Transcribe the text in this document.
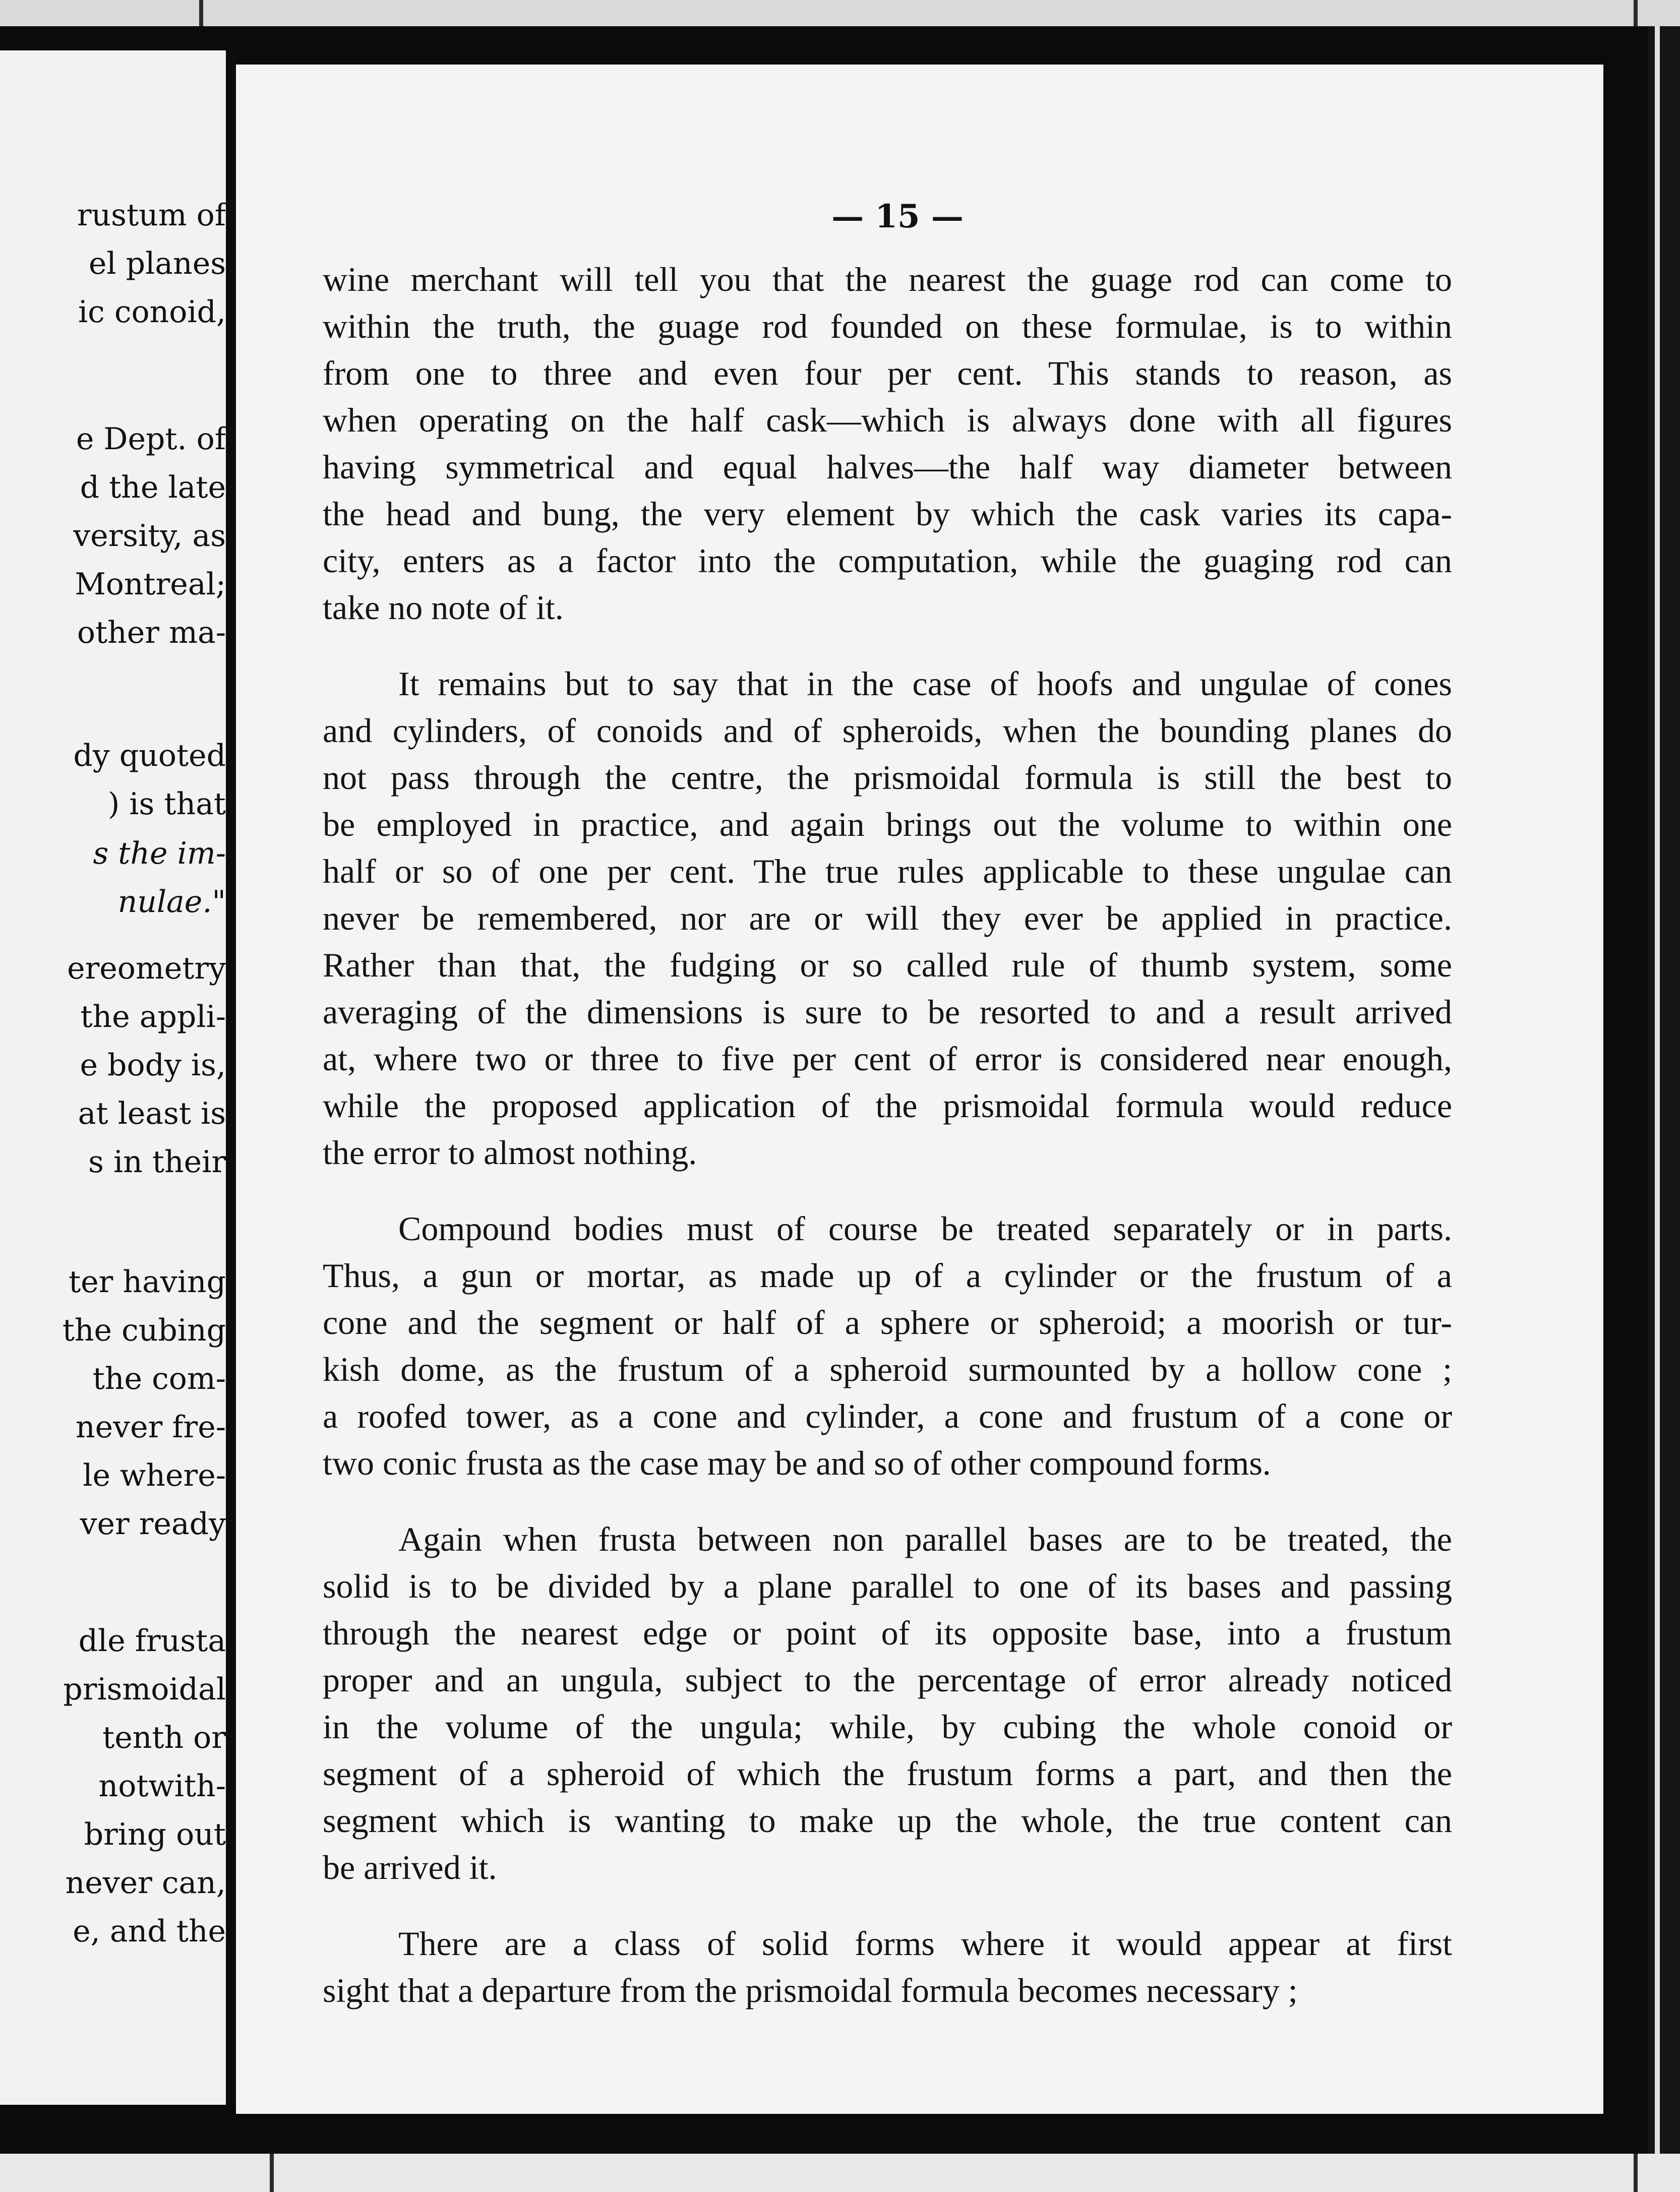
rustum of
el planes
ic conoid,
e Dept. of
d the late
versity, as
Montreal;
other ma-
dy quoted
) is that
s the im-
nulae."
ereometry
the appli-
e body is,
at least is
s in their
ter having
the cubing
the com-
never fre-
le where-
ver ready
dle frusta
prismoidal
tenth or
notwith-
bring out
never can,
e, and the
— 15 —
wine merchant will tell you that the nearest the guage rod can come to
within the truth, the guage rod founded on these formulae, is to within
from one to three and even four per cent. This stands to reason, as
when operating on the half cask—which is always done with all figures
having symmetrical and equal halves—the half way diameter between
the head and bung, the very element by which the cask varies its capa-
city, enters as a factor into the computation, while the guaging rod can
take no note of it.
It remains but to say that in the case of hoofs and ungulae of cones
and cylinders, of conoids and of spheroids, when the bounding planes do
not pass through the centre, the prismoidal formula is still the best to
be employed in practice, and again brings out the volume to within one
half or so of one per cent. The true rules applicable to these ungulae can
never be remembered, nor are or will they ever be applied in practice.
Rather than that, the fudging or so called rule of thumb system, some
averaging of the dimensions is sure to be resorted to and a result arrived
at, where two or three to five per cent of error is considered near enough,
while the proposed application of the prismoidal formula would reduce
the error to almost nothing.
Compound bodies must of course be treated separately or in parts.
Thus, a gun or mortar, as made up of a cylinder or the frustum of a
cone and the segment or half of a sphere or spheroid; a moorish or tur-
kish dome, as the frustum of a spheroid surmounted by a hollow cone ;
a roofed tower, as a cone and cylinder, a cone and frustum of a cone or
two conic frusta as the case may be and so of other compound forms.
Again when frusta between non parallel bases are to be treated, the
solid is to be divided by a plane parallel to one of its bases and passing
through the nearest edge or point of its opposite base, into a frustum
proper and an ungula, subject to the percentage of error already noticed
in the volume of the ungula; while, by cubing the whole conoid or
segment of a spheroid of which the frustum forms a part, and then the
segment which is wanting to make up the whole, the true content can
be arrived it.
There are a class of solid forms where it would appear at first
sight that a departure from the prismoidal formula becomes necessary ;
